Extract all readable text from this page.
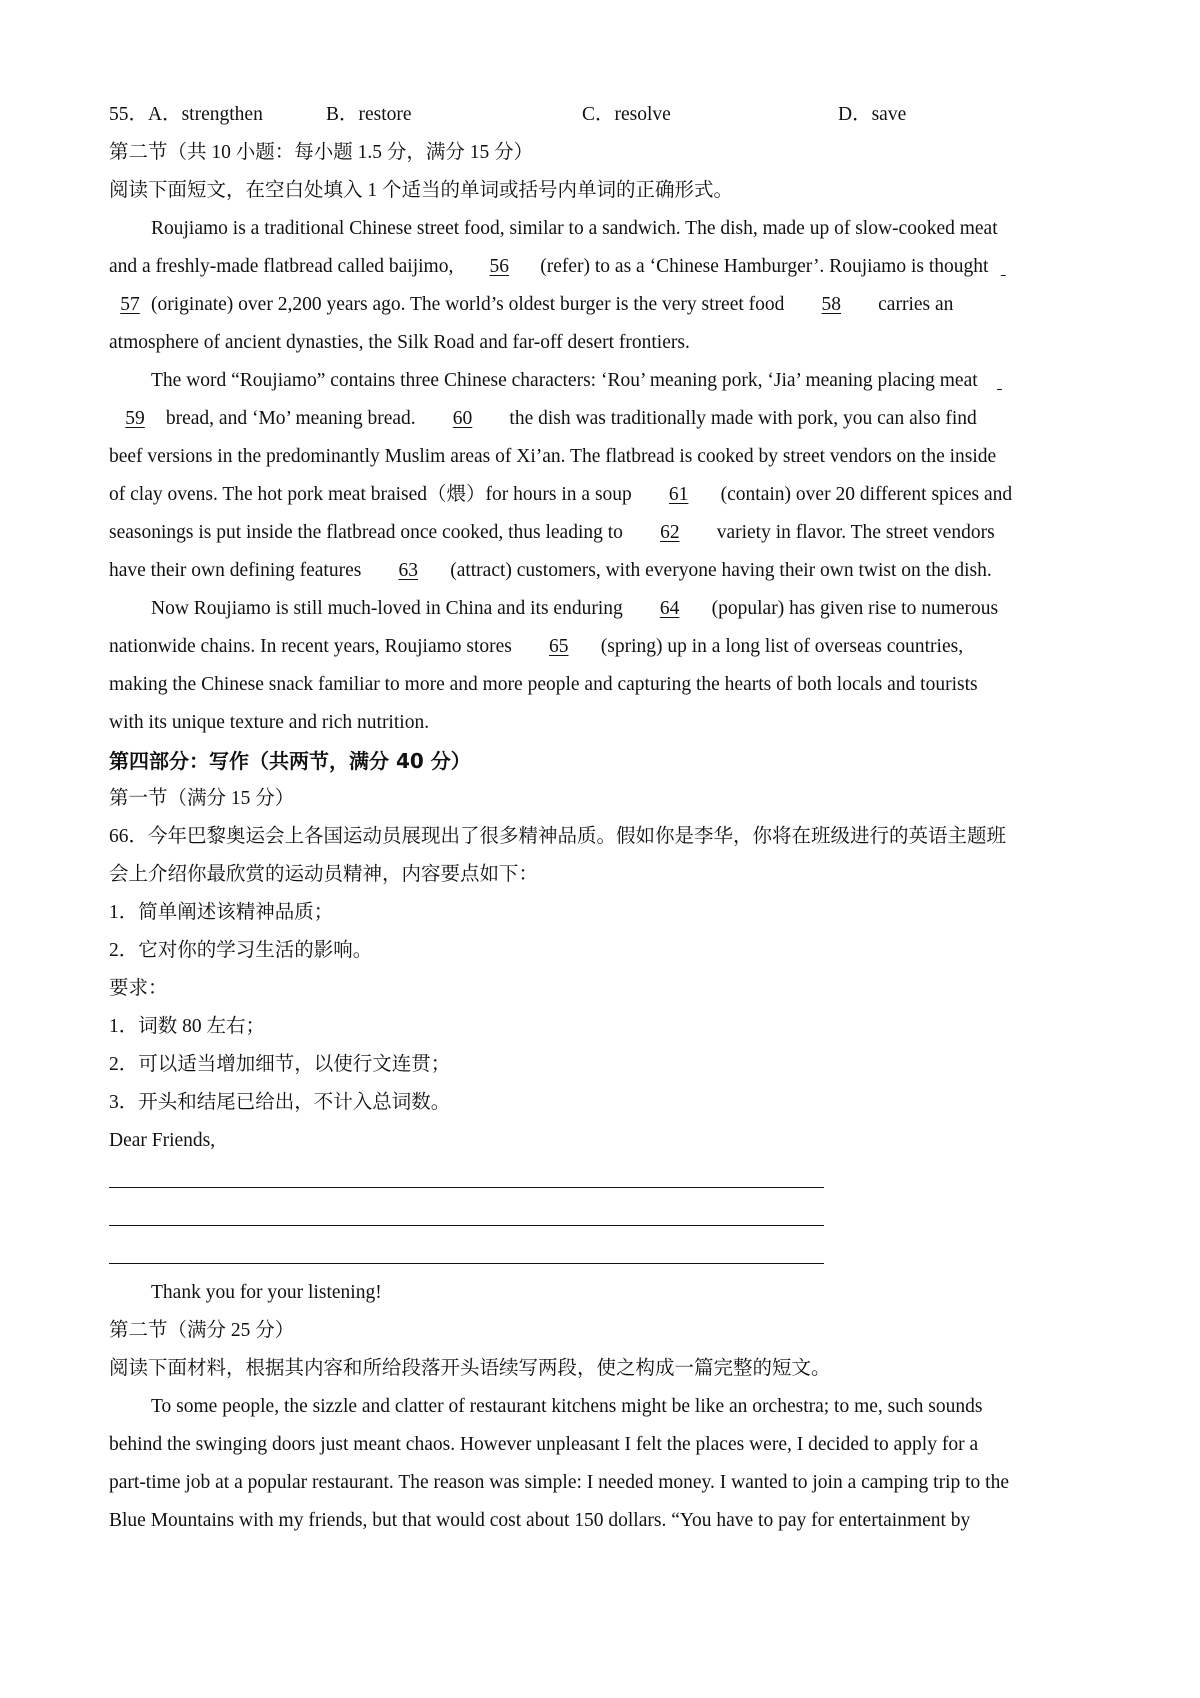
55．A．strengthen	B．restore	C．resolve	D．save
第二节（共 10 小题：每小题 1.5 分，满分 15 分）
阅读下面短文，在空白处填入 1 个适当的单词或括号内单词的正确形式。
Roujiamo is a traditional Chinese street food, similar to a sandwich. The dish, made up of slow-cooked meat
and a freshly-made flatbread called baijimo, 56 (refer) to as a ‘Chinese Hamburger’. Roujiamo is thought
57 (originate) over 2,200 years ago. The world’s oldest burger is the very street food 58 carries an
atmosphere of ancient dynasties, the Silk Road and far-off desert frontiers.
The word “Roujiamo” contains three Chinese characters: ‘Rou’ meaning pork, ‘Jia’ meaning placing meat
59 bread, and ‘Mo’ meaning bread. 60 the dish was traditionally made with pork, you can also find
beef versions in the predominantly Muslim areas of Xi’an. The flatbread is cooked by street vendors on the inside
of clay ovens. The hot pork meat braised（煨）for hours in a soup 61 (contain) over 20 different spices and
seasonings is put inside the flatbread once cooked, thus leading to 62 variety in flavor. The street vendors
have their own defining features 63 (attract) customers, with everyone having their own twist on the dish.
Now Roujiamo is still much-loved in China and its enduring 64 (popular) has given rise to numerous
nationwide chains. In recent years, Roujiamo stores 65 (spring) up in a long list of overseas countries,
making the Chinese snack familiar to more and more people and capturing the hearts of both locals and tourists
with its unique texture and rich nutrition.
第四部分：写作（共两节，满分 40 分）
第一节（满分 15 分）
66．今年巴黎奥运会上各国运动员展现出了很多精神品质。假如你是李华，你将在班级进行的英语主题班
会上介绍你最欣赏的运动员精神，内容要点如下：
1．简单阐述该精神品质；
2．它对你的学习生活的影响。
要求：
1．词数 80 左右；
2．可以适当增加细节，以使行文连贯；
3．开头和结尾已给出，不计入总词数。
Dear Friends,
Thank you for your listening!
第二节（满分 25 分）
阅读下面材料，根据其内容和所给段落开头语续写两段，使之构成一篇完整的短文。
To some people, the sizzle and clatter of restaurant kitchens might be like an orchestra; to me, such sounds
behind the swinging doors just meant chaos. However unpleasant I felt the places were, I decided to apply for a
part-time job at a popular restaurant. The reason was simple: I needed money. I wanted to join a camping trip to the
Blue Mountains with my friends, but that would cost about 150 dollars. “You have to pay for entertainment by
